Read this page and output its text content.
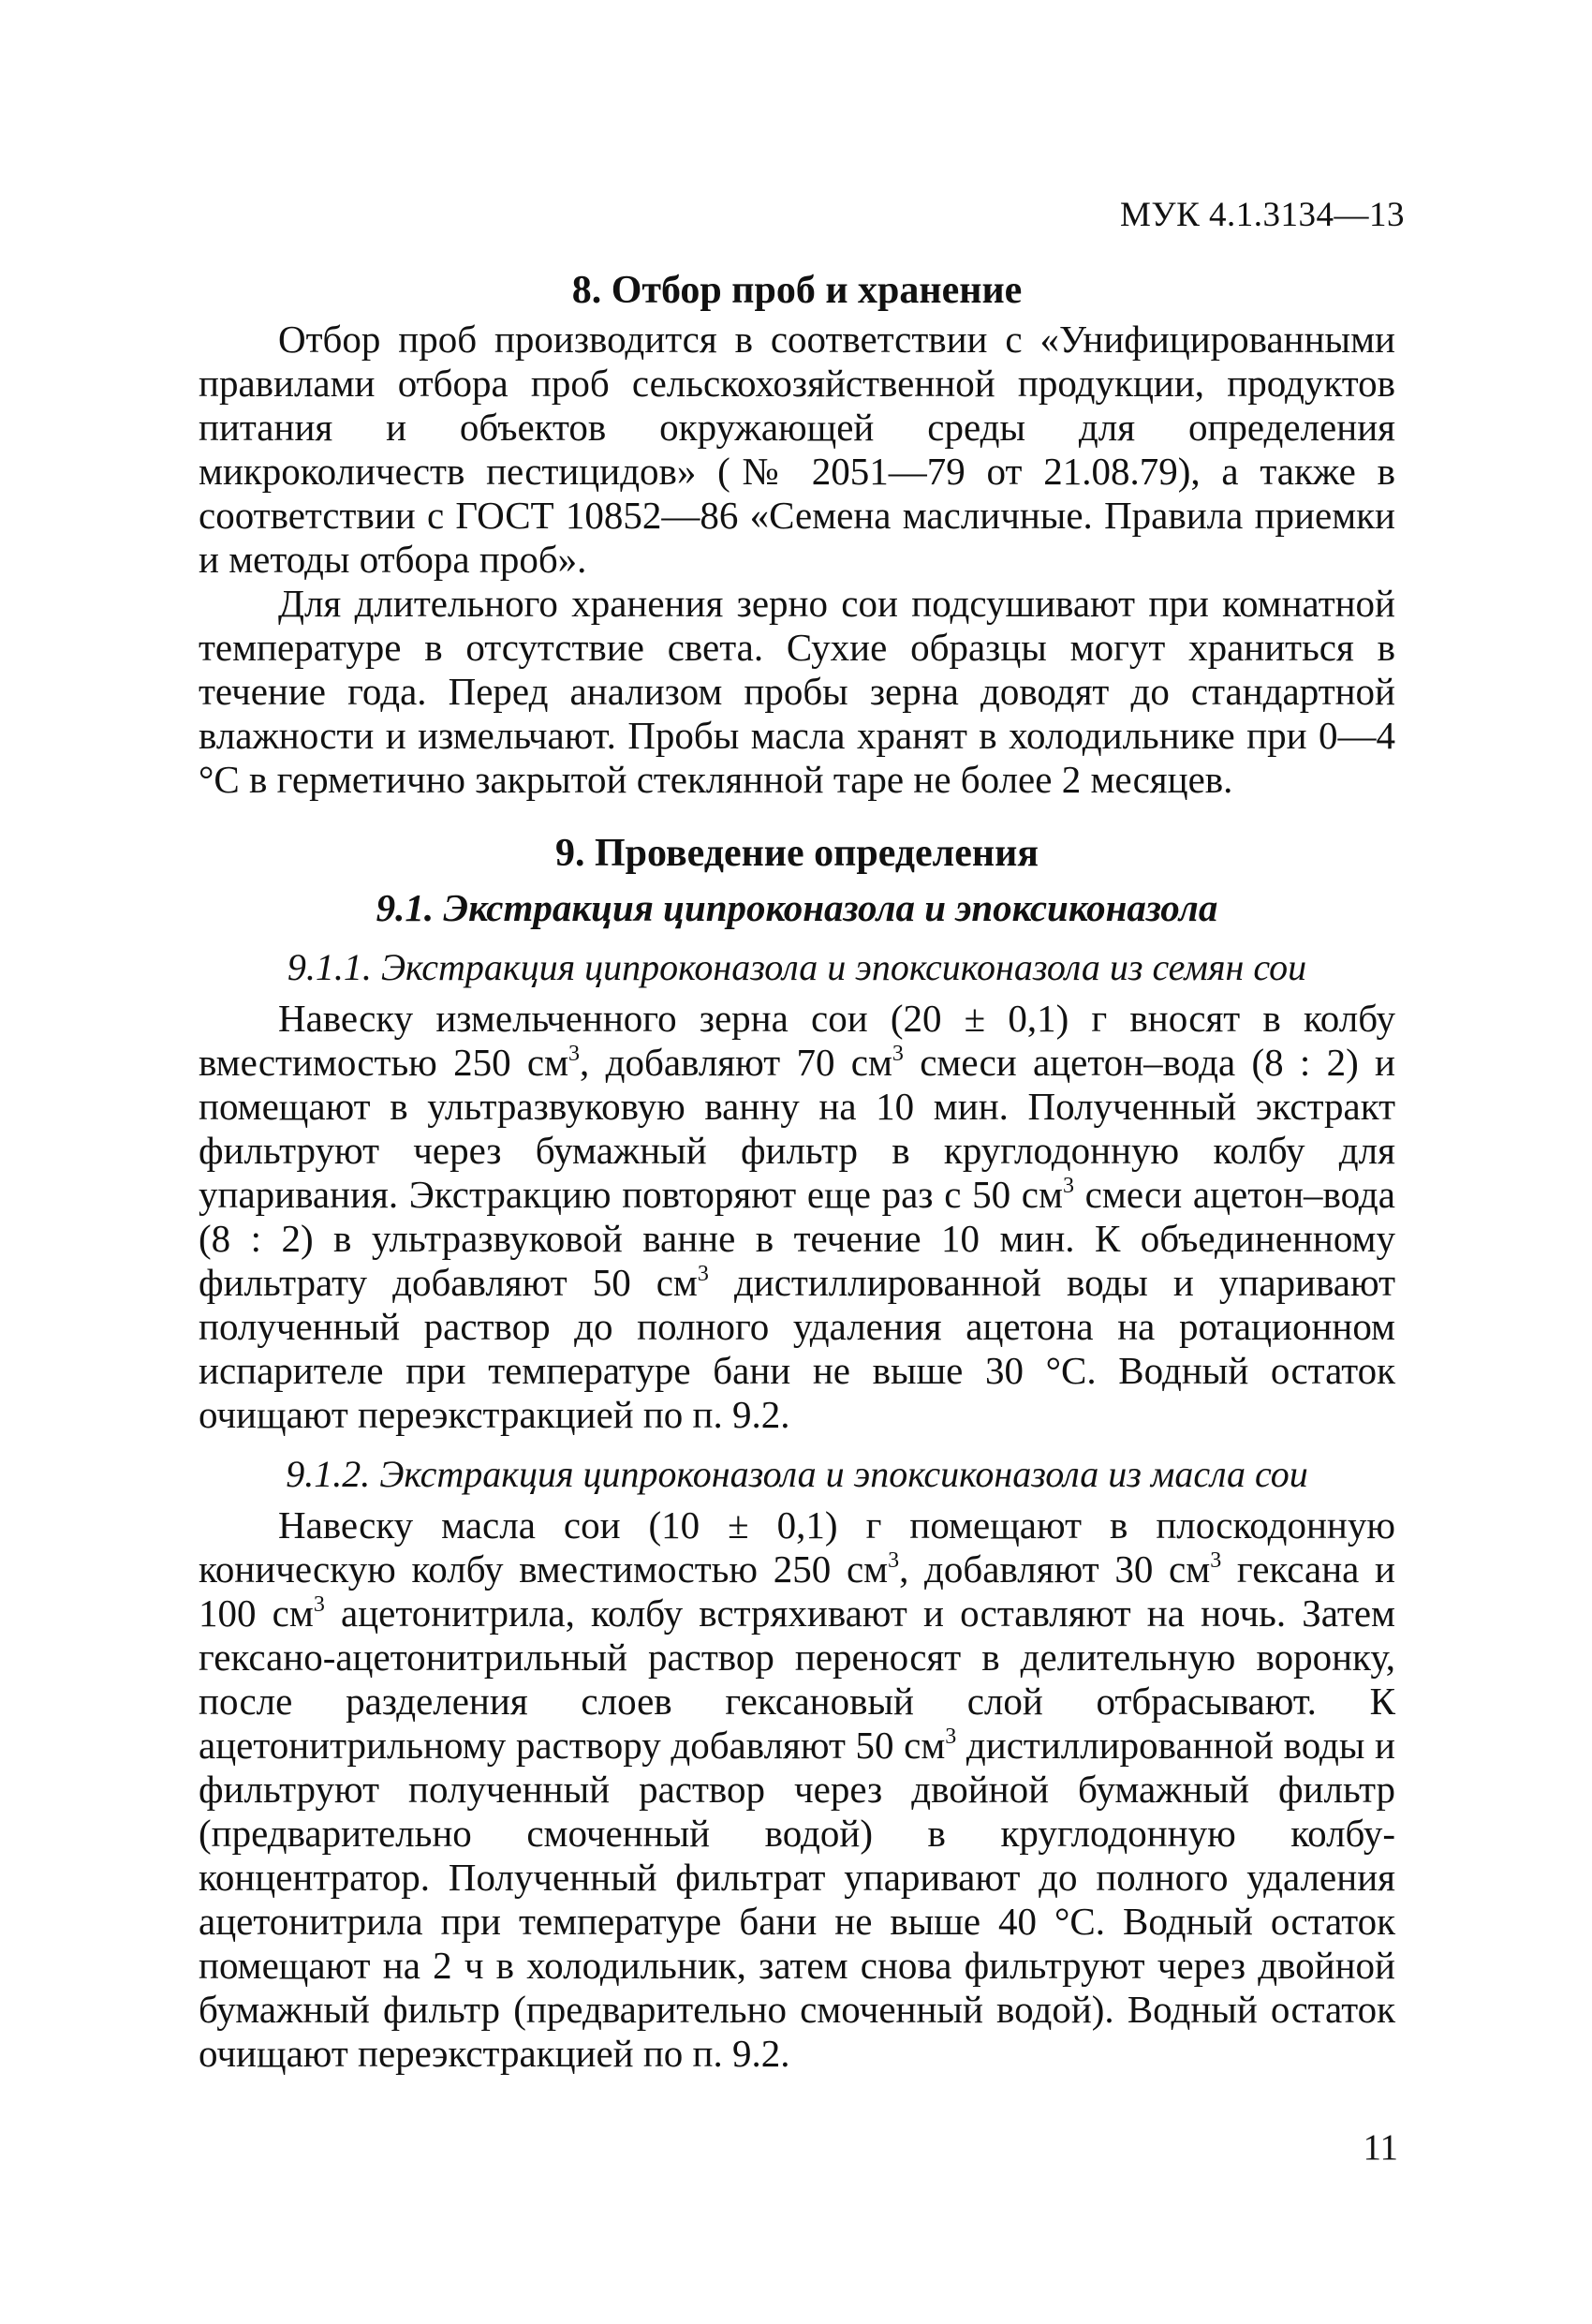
МУК 4.1.3134—13
8. Отбор проб и хранение

Отбор проб производится в соответствии с «Унифицированными правилами отбора проб сельскохозяйственной продукции, продуктов питания и объектов окружающей среды для определения микроколичеств пестицидов» (№ 2051—79 от 21.08.79), а также в соответствии с ГОСТ 10852—86 «Семена масличные. Правила приемки и методы отбора проб».

Для длительного хранения зерно сои подсушивают при комнатной температуре в отсутствие света. Сухие образцы могут храниться в течение года. Перед анализом пробы зерна доводят до стандартной влажности и измельчают. Пробы масла хранят в холодильнике при 0—4 °С в герметично закрытой стеклянной таре не более 2 месяцев.

9. Проведение определения
9.1. Экстракция ципроконазола и эпоксиконазола
9.1.1. Экстракция ципроконазола и эпоксиконазола из семян сои

Навеску измельченного зерна сои (20 ± 0,1) г вносят в колбу вместимостью 250 $см^3$, добавляют 70 $см^3$ смеси ацетон–вода (8 : 2) и помещают в ультразвуковую ванну на 10 мин. Полученный экстракт фильтруют через бумажный фильтр в круглодонную колбу для упаривания. Экстракцию повторяют еще раз с 50 $см^3$ смеси ацетон–вода (8 : 2) в ультразвуковой ванне в течение 10 мин. К объединенному фильтрату добавляют 50 $см^3$ дистиллированной воды и упаривают полученный раствор до полного удаления ацетона на ротационном испарителе при температуре бани не выше 30 °С. Водный остаток очищают переэкстракцией по п. 9.2.

9.1.2. Экстракция ципроконазола и эпоксиконазола из масла сои

Навеску масла сои (10 ± 0,1) г помещают в плоскодонную коническую колбу вместимостью 250 $см^3$, добавляют 30 $см^3$ гексана и 100 $см^3$ ацетонитрила, колбу встряхивают и оставляют на ночь. Затем гексано-ацетонитрильный раствор переносят в делительную воронку, после разделения слоев гексановый слой отбрасывают. К ацетонитрильному раствору добавляют 50 $см^3$ дистиллированной воды и фильтруют полученный раствор через двойной бумажный фильтр (предварительно смоченный водой) в круглодонную колбу-концентратор. Полученный фильтрат упаривают до полного удаления ацетонитрила при температуре бани не выше 40 °С. Водный остаток помещают на 2 ч в холодильник, затем снова фильтруют через двойной бумажный фильтр (предварительно смоченный водой). Водный остаток очищают переэкстракцией по п. 9.2.

11
